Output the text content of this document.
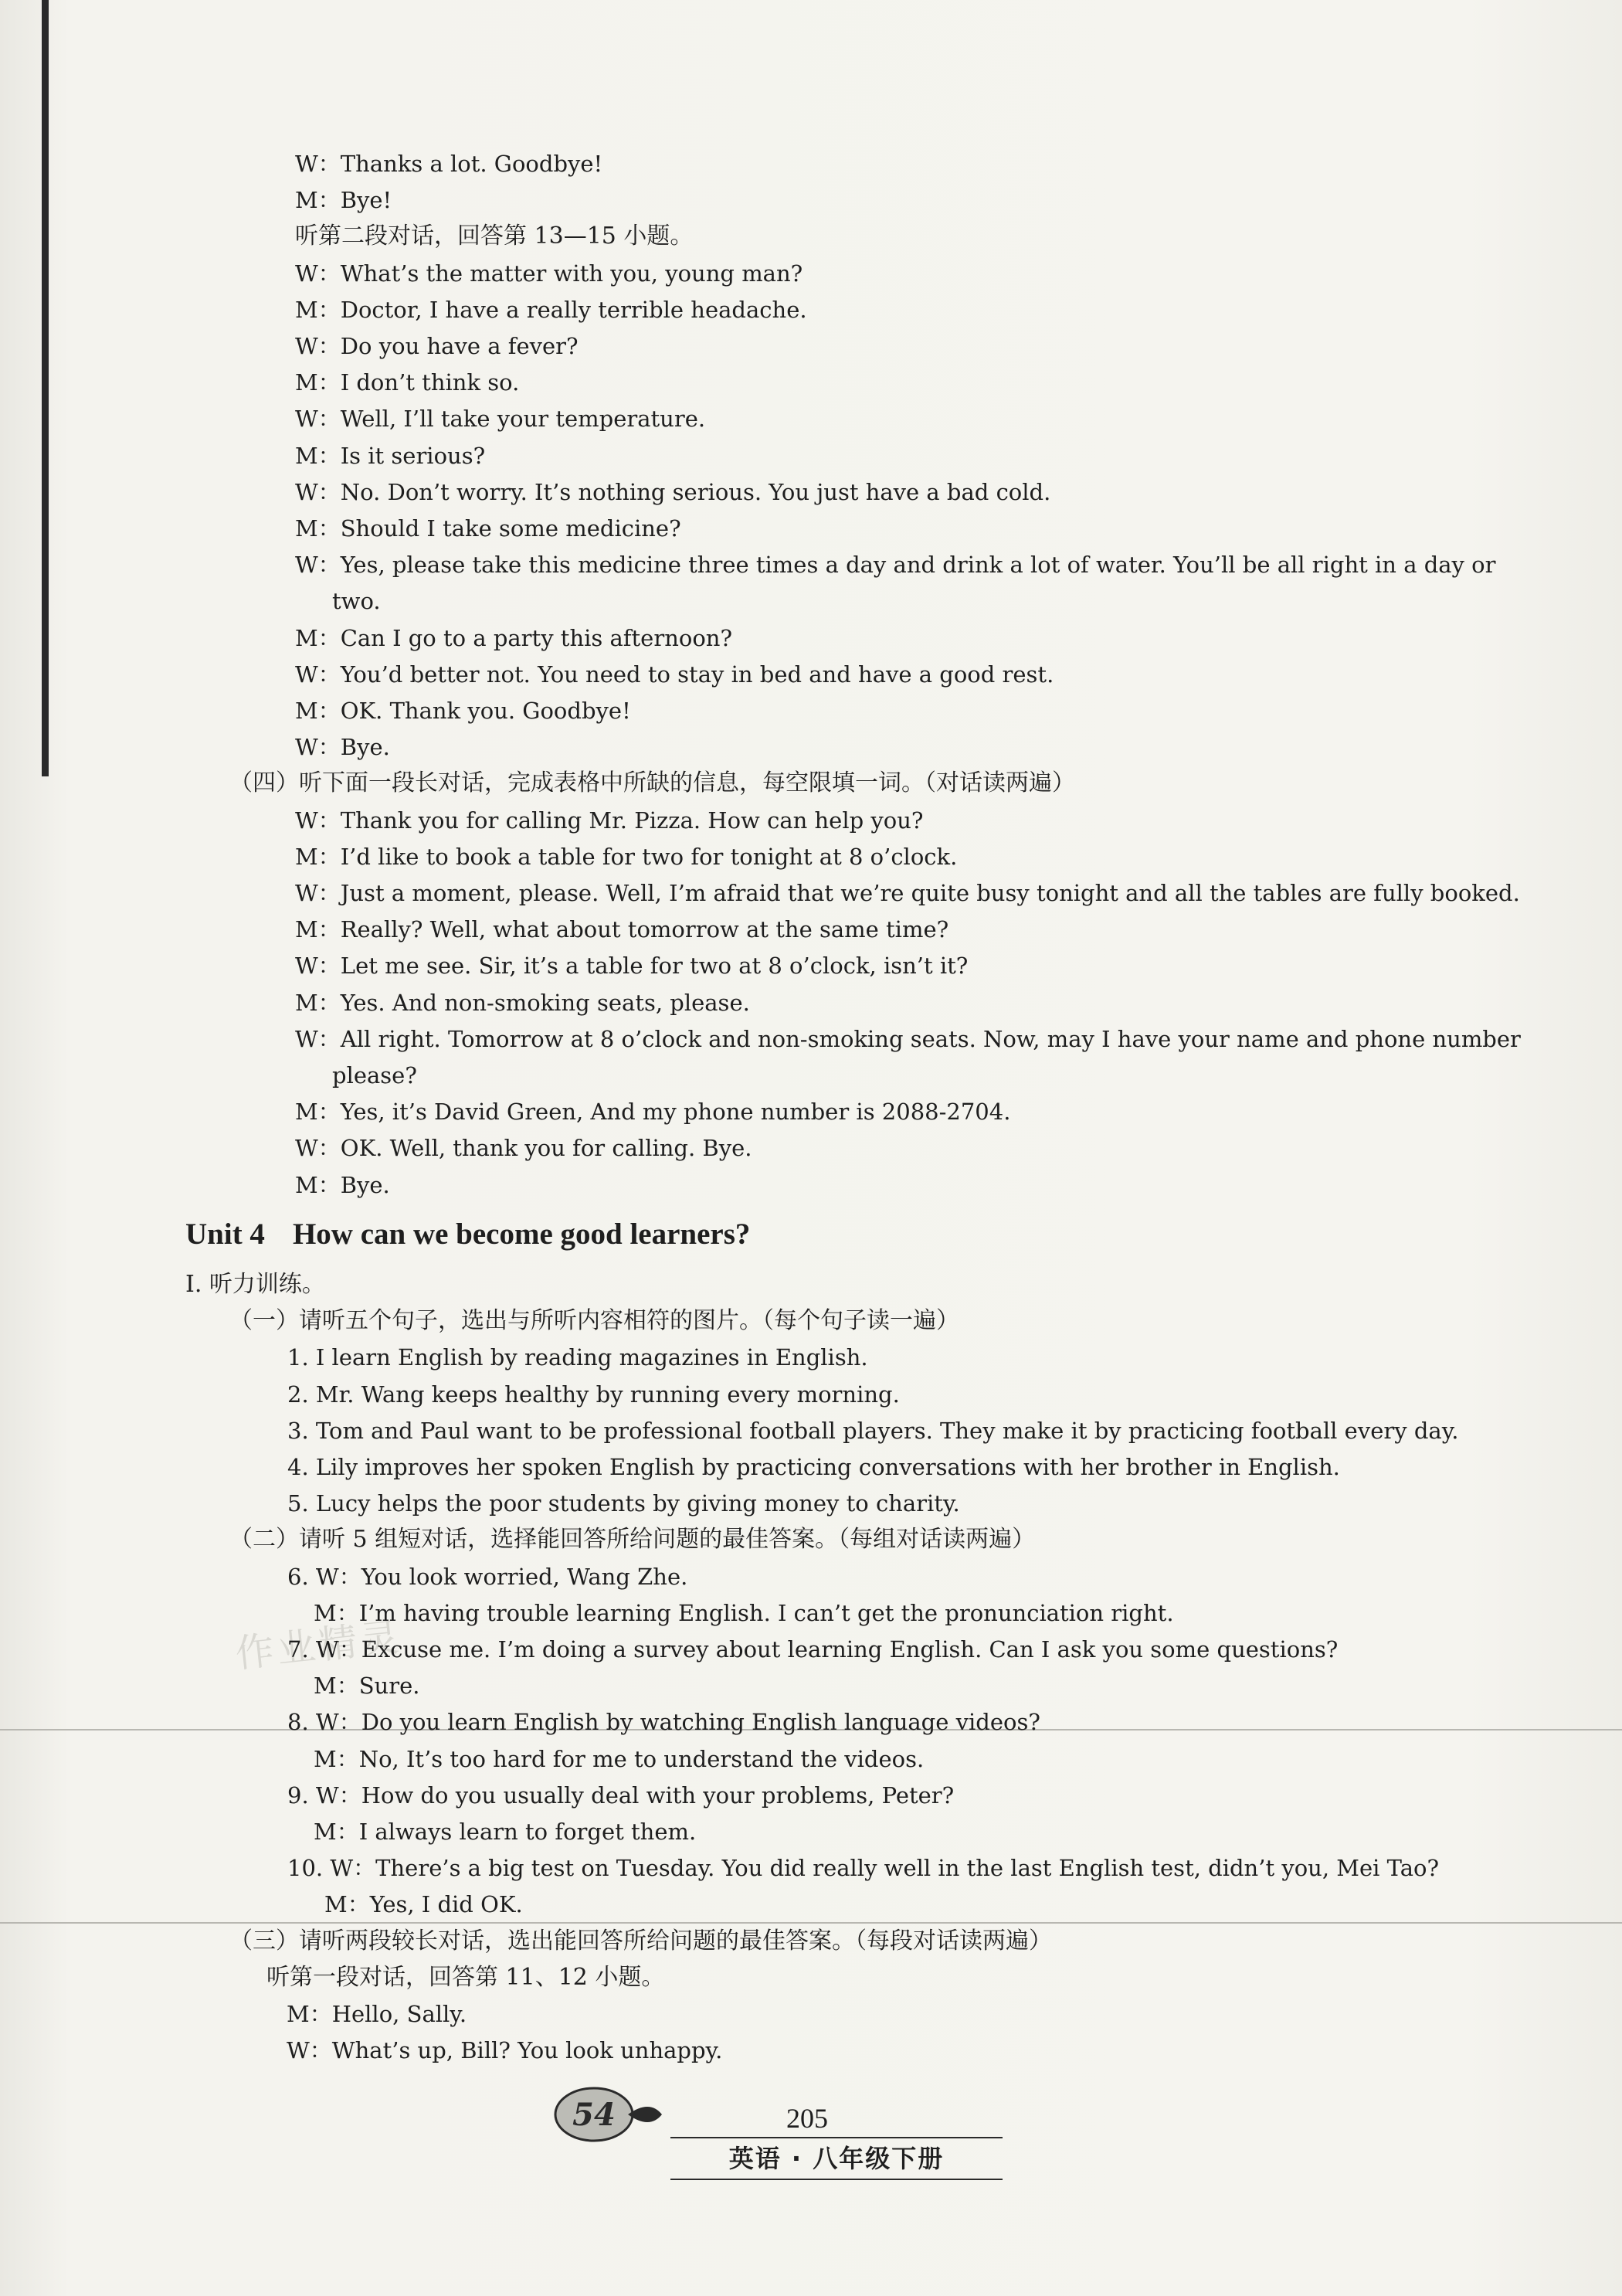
作业精灵
W：Thanks a lot. Goodbye!
M：Bye!
听第二段对话，回答第 13—15 小题。
W：What’s the matter with you, young man?
M：Doctor, I have a really terrible headache.
W：Do you have a fever?
M：I don’t think so.
W：Well, I’ll take your temperature.
M：Is it serious?
W：No. Don’t worry. It’s nothing serious. You just have a bad cold.
M：Should I take some medicine?
W：Yes, please take this medicine three times a day and drink a lot of water. You’ll be all right in a day or
two.
M：Can I go to a party this afternoon?
W：You’d better not. You need to stay in bed and have a good rest.
M：OK. Thank you. Goodbye!
W：Bye.
（四）听下面一段长对话，完成表格中所缺的信息，每空限填一词。（对话读两遍）
W：Thank you for calling Mr. Pizza. How can help you?
M：I’d like to book a table for two for tonight at 8 o’clock.
W：Just a moment, please. Well, I’m afraid that we’re quite busy tonight and all the tables are fully booked.
M：Really? Well, what about tomorrow at the same time?
W：Let me see. Sir, it’s a table for two at 8 o’clock, isn’t it?
M：Yes. And non-smoking seats, please.
W：All right. Tomorrow at 8 o’clock and non-smoking seats. Now, may I have your name and phone number
please?
M：Yes, it’s David Green, And my phone number is 2088-2704.
W：OK. Well, thank you for calling. Bye.
M：Bye.
Unit 4 How can we become good learners?
Ⅰ. 听力训练。
（一）请听五个句子，选出与所听内容相符的图片。（每个句子读一遍）
1. I learn English by reading magazines in English.
2. Mr. Wang keeps healthy by running every morning.
3. Tom and Paul want to be professional football players. They make it by practicing football every day.
4. Lily improves her spoken English by practicing conversations with her brother in English.
5. Lucy helps the poor students by giving money to charity.
（二）请听 5 组短对话，选择能回答所给问题的最佳答案。（每组对话读两遍）
6. W：You look worried, Wang Zhe.
M：I’m having trouble learning English. I can’t get the pronunciation right.
7. W：Excuse me. I’m doing a survey about learning English. Can I ask you some questions?
M：Sure.
8. W：Do you learn English by watching English language videos?
M：No, It’s too hard for me to understand the videos.
9. W：How do you usually deal with your problems, Peter?
M：I always learn to forget them.
10. W：There’s a big test on Tuesday. You did really well in the last English test, didn’t you, Mei Tao?
M：Yes, I did OK.
（三）请听两段较长对话，选出能回答所给问题的最佳答案。（每段对话读两遍）
听第一段对话，回答第 11、12 小题。
M：Hello, Sally.
W：What’s up, Bill? You look unhappy.
54	205
英语 · 八年级下册
